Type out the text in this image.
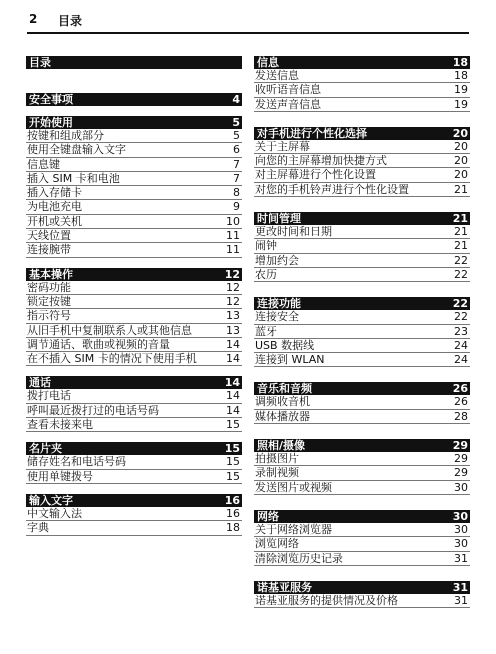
2 目录
目录
安全事项	4
开始使用	5
按键和组成部分	5
使用全键盘输入文字	6
信息键	7
插入 SIM 卡和电池	7
插入存储卡	8
为电池充电	9
开机或关机	10
天线位置	11
连接腕带	11
基本操作	12
密码功能	12
锁定按键	12
指示符号	13
从旧手机中复制联系人或其他信息	13
调节通话、歌曲或视频的音量	14
在不插入 SIM 卡的情况下使用手机	14
通话	14
拨打电话	14
呼叫最近拨打过的电话号码	14
查看未接来电	15
名片夹	15
储存姓名和电话号码	15
使用单键拨号	15
输入文字	16
中文输入法	16
字典	18
信息	18
发送信息	18
收听语音信息	19
发送声音信息	19
对手机进行个性化选择	20
关于主屏幕	20
向您的主屏幕增加快捷方式	20
对主屏幕进行个性化设置	20
对您的手机铃声进行个性化设置	21
时间管理	21
更改时间和日期	21
闹钟	21
增加约会	22
农历	22
连接功能	22
连接安全	22
蓝牙	23
USB 数据线	24
连接到 WLAN	24
音乐和音频	26
调频收音机	26
媒体播放器	28
照相/摄像	29
拍摄图片	29
录制视频	29
发送图片或视频	30
网络	30
关于网络浏览器	30
浏览网络	30
清除浏览历史记录	31
诺基亚服务	31
诺基亚服务的提供情况及价格	31
